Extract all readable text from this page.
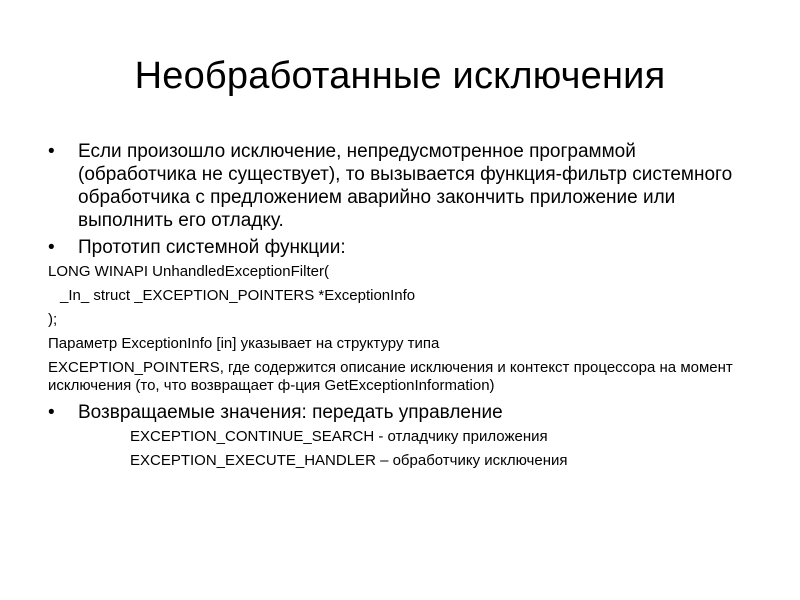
Необработанные исключения
• Если произошло исключение, непредусмотренное программой (обработчика не существует), то вызывается функция-фильтр системного обработчика с предложением аварийно закончить приложение или выполнить его отладку.
• Прототип системной функции:
LONG WINAPI UnhandledExceptionFilter(
_In_ struct _EXCEPTION_POINTERS *ExceptionInfo
);
Параметр ExceptionInfo [in] указывает на структуру типа
EXCEPTION_POINTERS, где содержится описание исключения и контекст процессора на момент исключения (то, что возвращает ф-ция GetExceptionInformation)
• Возвращаемые значения: передать управление
EXCEPTION_CONTINUE_SEARCH - отладчику приложения
EXCEPTION_EXECUTE_HANDLER – обработчику исключения
